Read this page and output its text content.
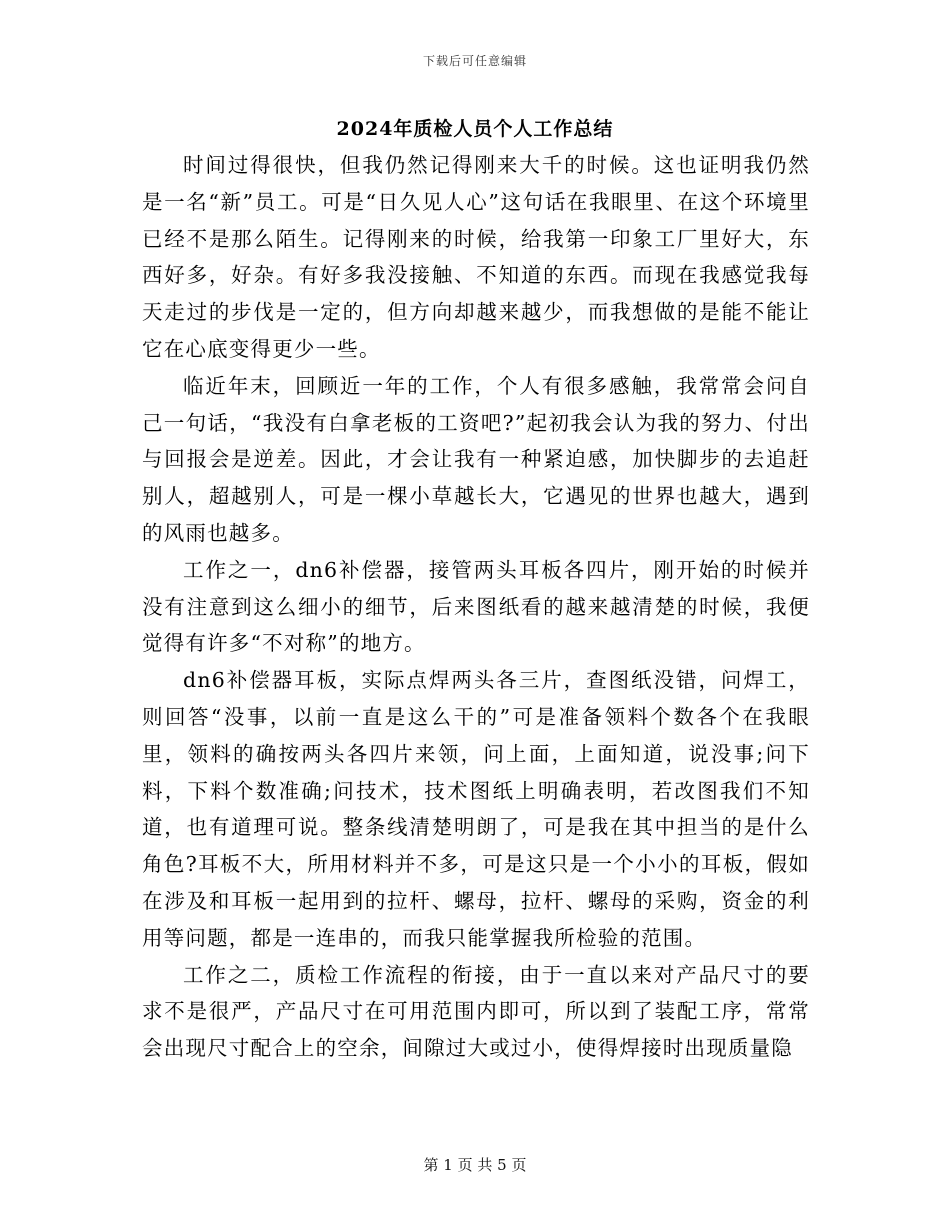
下载后可任意编辑
2024年质检人员个人工作总结

时间过得很快，但我仍然记得刚来大千的时候。这也证明我仍然是一名“新”员工。可是“日久见人心”这句话在我眼里、在这个环境里已经不是那么陌生。记得刚来的时候，给我第一印象工厂里好大，东西好多，好杂。有好多我没接触、不知道的东西。而现在我感觉我每天走过的步伐是一定的，但方向却越来越少，而我想做的是能不能让它在心底变得更少一些。

临近年末，回顾近一年的工作，个人有很多感触，我常常会问自己一句话，“我没有白拿老板的工资吧?”起初我会认为我的努力、付出与回报会是逆差。因此，才会让我有一种紧迫感，加快脚步的去追赶别人，超越别人，可是一棵小草越长大，它遇见的世界也越大，遇到的风雨也越多。

工作之一，dn6补偿器，接管两头耳板各四片，刚开始的时候并没有注意到这么细小的细节，后来图纸看的越来越清楚的时候，我便觉得有许多“不对称”的地方。

dn6补偿器耳板，实际点焊两头各三片，查图纸没错，问焊工，则回答“没事，以前一直是这么干的”可是准备领料个数各个在我眼里，领料的确按两头各四片来领，问上面，上面知道，说没事;问下料，下料个数准确;问技术，技术图纸上明确表明，若改图我们不知道，也有道理可说。整条线清楚明朗了，可是我在其中担当的是什么角色?耳板不大，所用材料并不多，可是这只是一个小小的耳板，假如在涉及和耳板一起用到的拉杆、螺母，拉杆、螺母的采购，资金的利用等问题，都是一连串的，而我只能掌握我所检验的范围。

工作之二，质检工作流程的衔接，由于一直以来对产品尺寸的要求不是很严，产品尺寸在可用范围内即可，所以到了装配工序，常常会出现尺寸配合上的空余，间隙过大或过小，使得焊接时出现质量隐

第 1 页 共 5 页
